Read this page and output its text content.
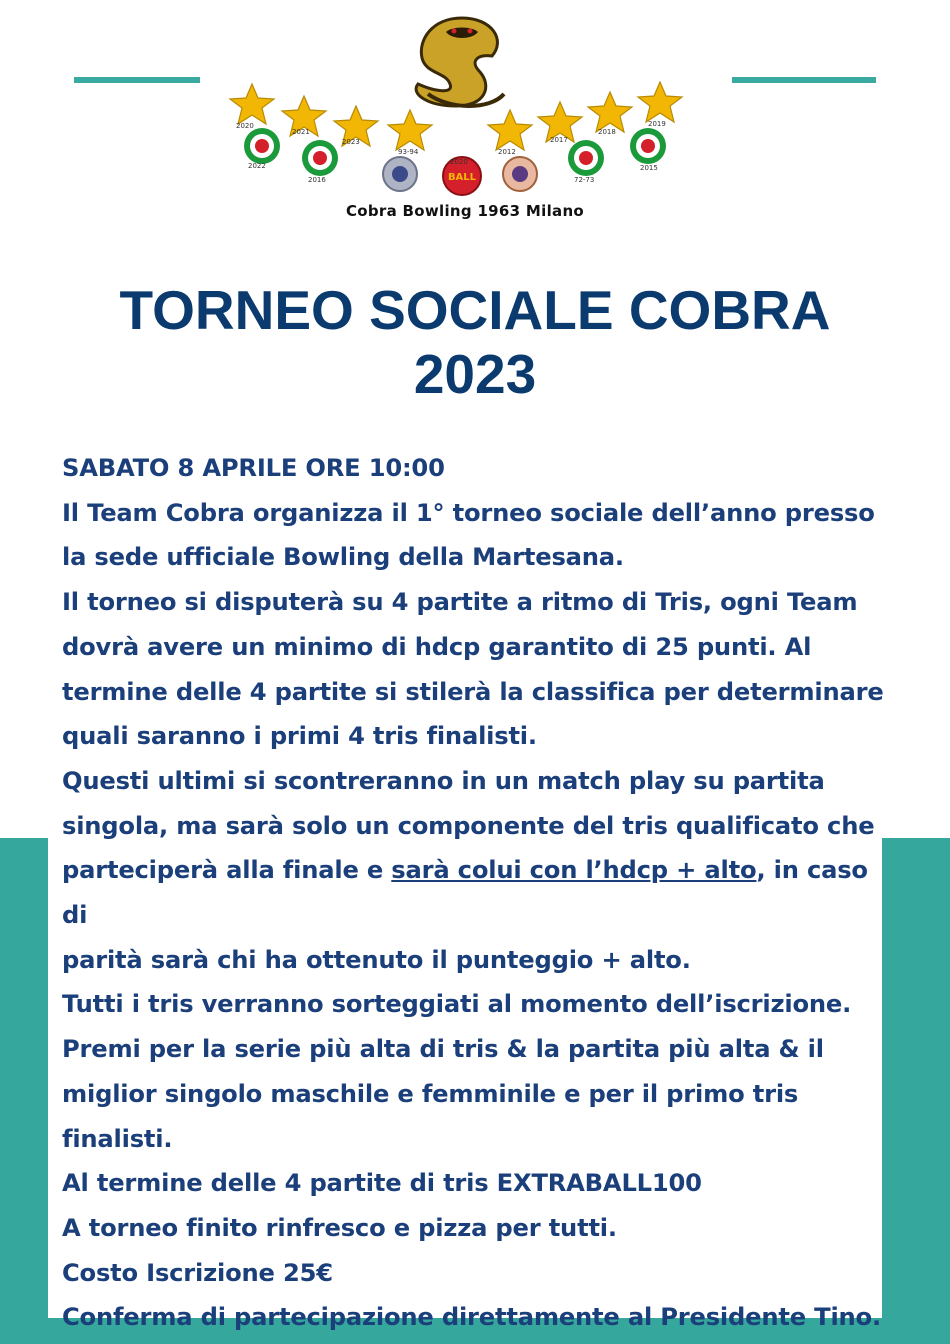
BALL
2020
2021
2023
93-94	2012
2017
2018
2019
2022
2016
2020
72-73
2015
Cobra Bowling 1963 Milano
TORNEO SOCIALE COBRA
2023

SABATO 8 APRILE ORE 10:00

Il Team Cobra organizza il 1° torneo sociale dell’anno presso

la sede ufficiale Bowling della Martesana.

Il torneo si disputerà su 4 partite a ritmo di Tris, ogni Team

dovrà avere un minimo di hdcp garantito di 25 punti. Al

termine delle 4 partite si stilerà la classifica per determinare

quali saranno i primi 4 tris finalisti.

Questi ultimi si scontreranno in un match play su partita

singola, ma sarà solo un componente del tris qualificato che

parteciperà alla finale e sarà colui con l’hdcp + alto, in caso di

parità sarà chi ha ottenuto il punteggio + alto.

Tutti i tris verranno sorteggiati al momento dell’iscrizione.

Premi per la serie più alta di tris & la partita più alta & il

miglior singolo maschile e femminile e per il primo tris

finalisti.

Al termine delle 4 partite di tris EXTRABALL100

A torneo finito rinfresco e pizza per tutti.

Costo Iscrizione 25€

Conferma di partecipazione direttamente al Presidente Tino.
